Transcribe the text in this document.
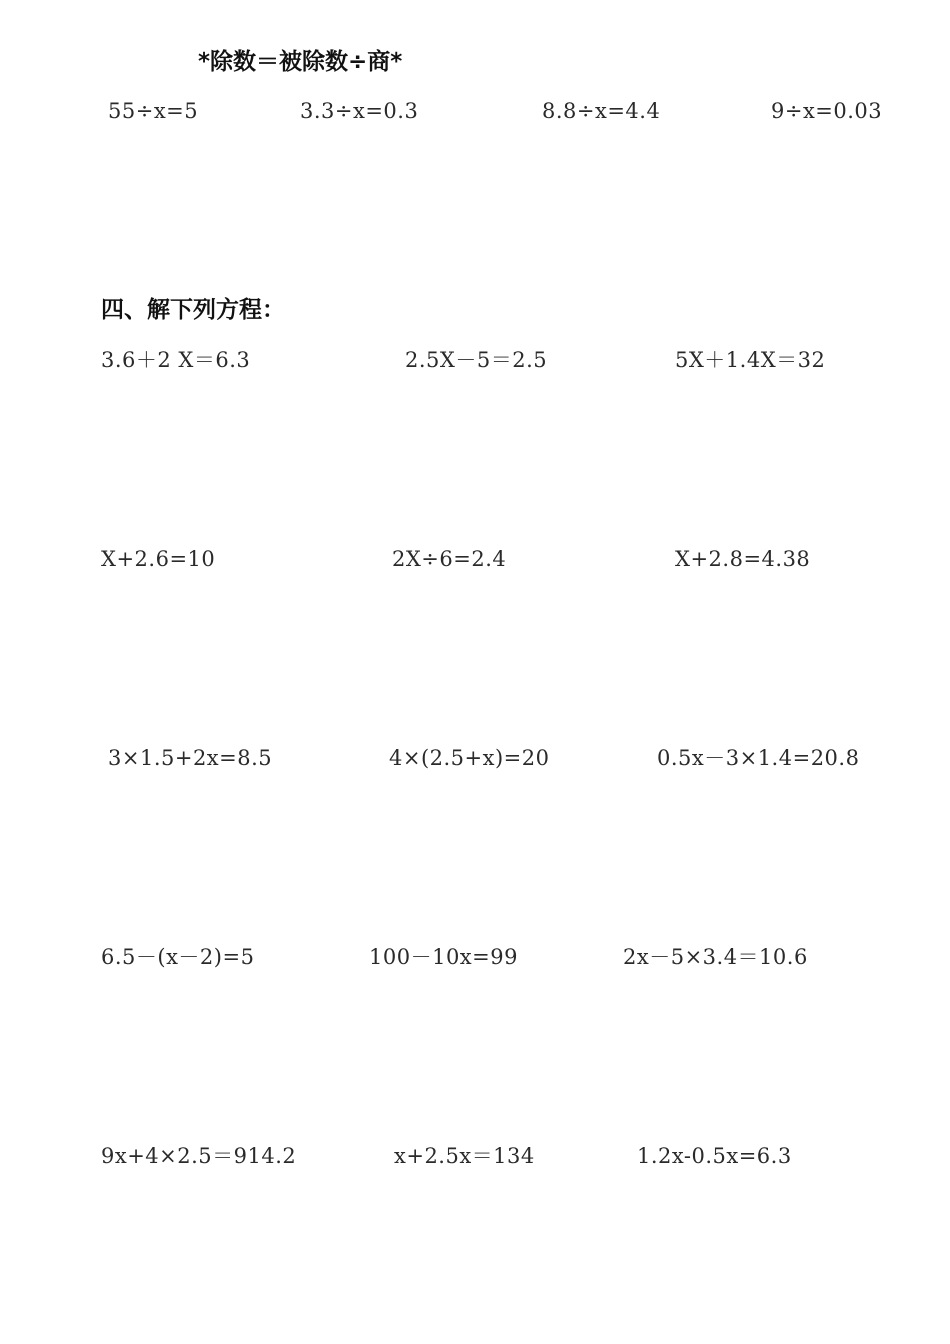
*除数＝被除数÷商*
55÷x=5	3.3÷x=0.3	8.8÷x=4.4	9÷x=0.03
四、解下列方程：
3.6＋2 X＝6.3	2.5X－5＝2.5	5X＋1.4X＝32
X+2.6=10	2X÷6=2.4	X+2.8=4.38
3×1.5+2x=8.5	4×(2.5+x)=20	0.5x－3×1.4=20.8
6.5－(x－2)=5	100－10x=99	2x－5×3.4＝10.6
9x+4×2.5＝914.2	x+2.5x＝134	1.2x-0.5x=6.3
